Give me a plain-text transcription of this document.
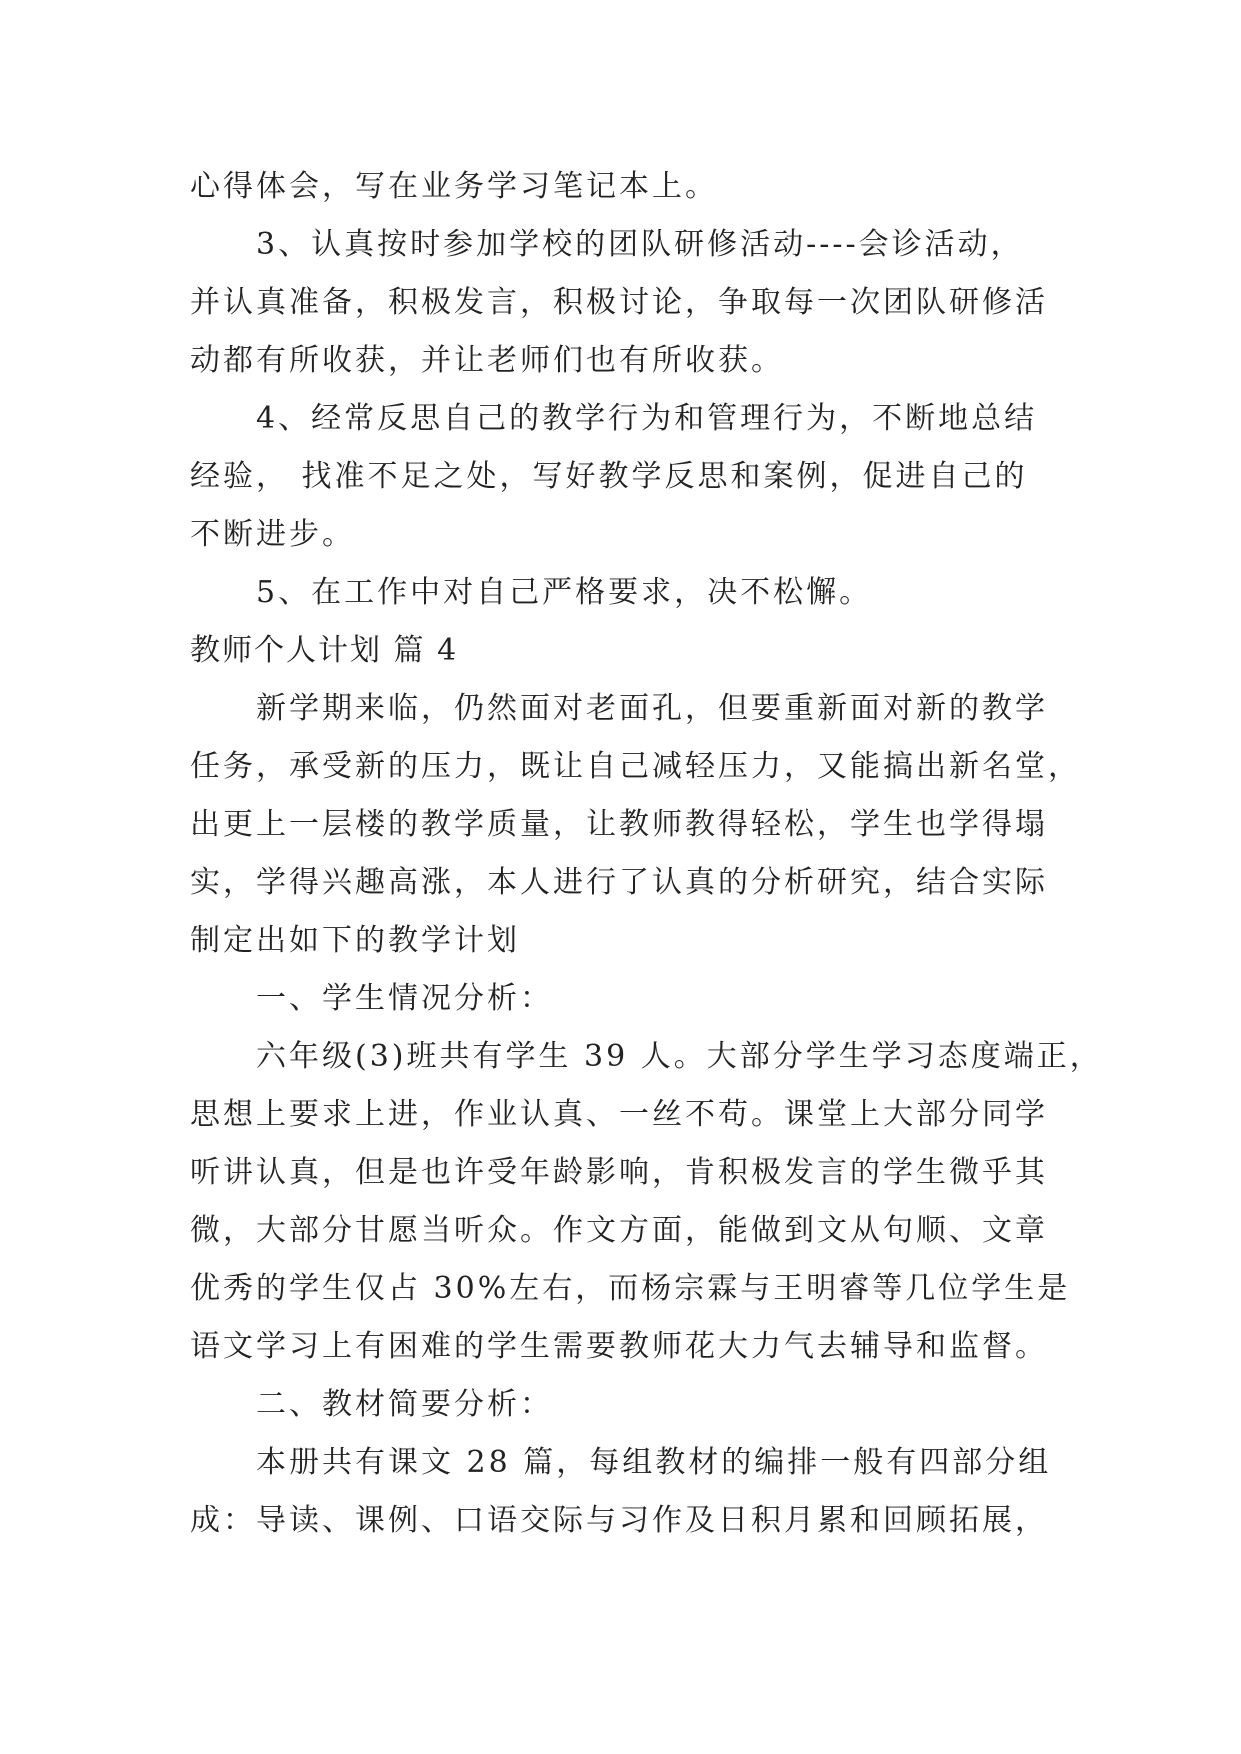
心得体会，写在业务学习笔记本上。
3、认真按时参加学校的团队研修活动----会诊活动，
并认真准备，积极发言，积极讨论，争取每一次团队研修活
动都有所收获，并让老师们也有所收获。
4、经常反思自己的教学行为和管理行为，不断地总结
经验， 找准不足之处，写好教学反思和案例，促进自己的
不断进步。
5、在工作中对自己严格要求，决不松懈。
教师个人计划 篇 4
新学期来临，仍然面对老面孔，但要重新面对新的教学
任务，承受新的压力，既让自己减轻压力，又能搞出新名堂，
出更上一层楼的教学质量，让教师教得轻松，学生也学得塌
实，学得兴趣高涨，本人进行了认真的分析研究，结合实际
制定出如下的教学计划
一、学生情况分析：
六年级(3)班共有学生 39 人。大部分学生学习态度端正，
思想上要求上进，作业认真、一丝不苟。课堂上大部分同学
听讲认真，但是也许受年龄影响，肯积极发言的学生微乎其
微，大部分甘愿当听众。作文方面，能做到文从句顺、文章
优秀的学生仅占 30%左右，而杨宗霖与王明睿等几位学生是
语文学习上有困难的学生需要教师花大力气去辅导和监督。
二、教材简要分析：
本册共有课文 28 篇，每组教材的编排一般有四部分组
成：导读、课例、口语交际与习作及日积月累和回顾拓展，
